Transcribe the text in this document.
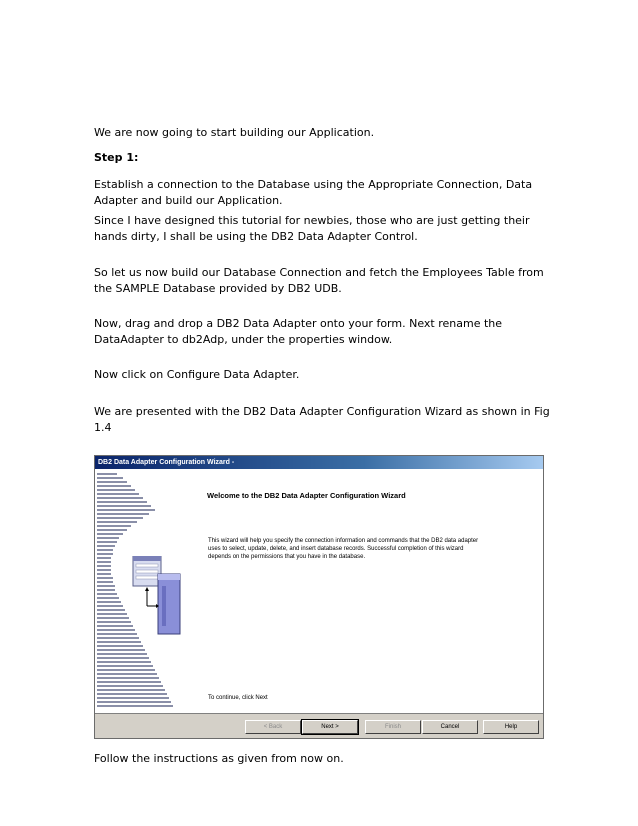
We are now going to start building our Application.

Step 1:

Establish a connection to the Database using the Appropriate Connection, Data Adapter and build our Application.

Since I have designed this tutorial for newbies, those who are just getting their hands dirty, I shall be using the DB2 Data Adapter Control.

So let us now build our Database Connection and fetch the Employees Table from the SAMPLE Database provided by DB2 UDB.

Now, drag and drop a DB2 Data Adapter onto your form. Next rename the DataAdapter to db2Adp, under the properties window.

Now click on Configure Data Adapter.

We are presented with the DB2 Data Adapter Configuration Wizard as shown in Fig 1.4

DB2 Data Adapter Configuration Wizard -
Welcome to the DB2 Data Adapter Configuration Wizard
This wizard will help you specify the connection information and commands that the DB2 data adapter uses to select, update, delete, and insert database records. Successful completion of this wizard depends on the permissions that you have in the database.
To continue, click Next
< Back	Next >	Finish	Cancel	Help

Follow the instructions as given from now on.
